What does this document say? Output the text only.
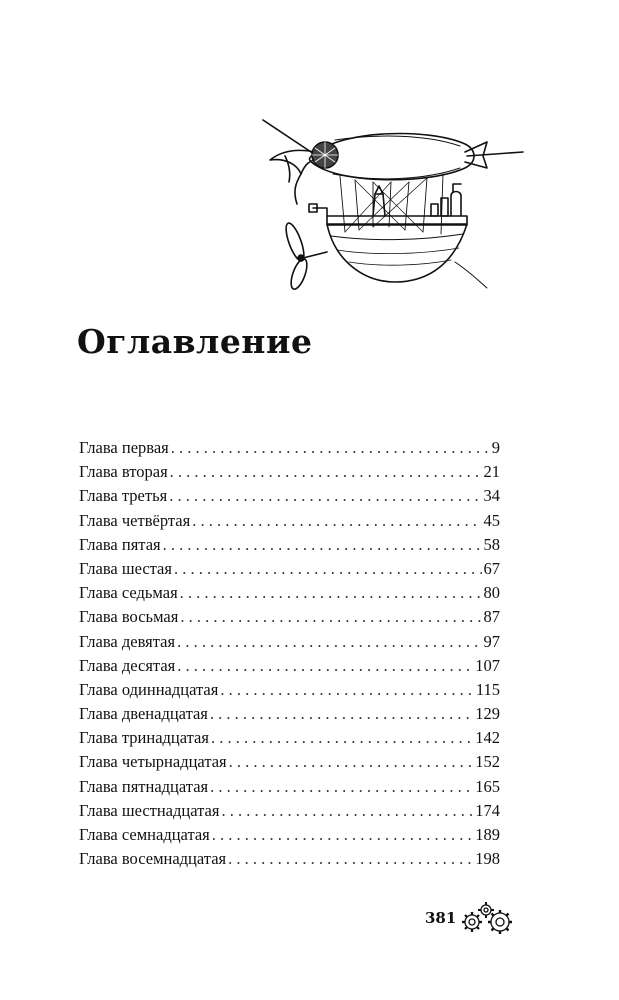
Оглавление
Глава первая . . .	9
Глава вторая . . .	21
Глава третья . . .	34
Глава четвёртая . . .	45
Глава пятая . . .	58
Глава шестая . . .	67
Глава седьмая . . .	80
Глава восьмая . . .	87
Глава девятая . . .	97
Глава десятая . . .	107
Глава одиннадцатая . . .	115
Глава двенадцатая . . .	129
Глава тринадцатая . . .	142
Глава четырнадцатая . . .	152
Глава пятнадцатая . . .	165
Глава шестнадцатая . . .	174
Глава семнадцатая . . .	189
Глава восемнадцатая . . .	198
381
